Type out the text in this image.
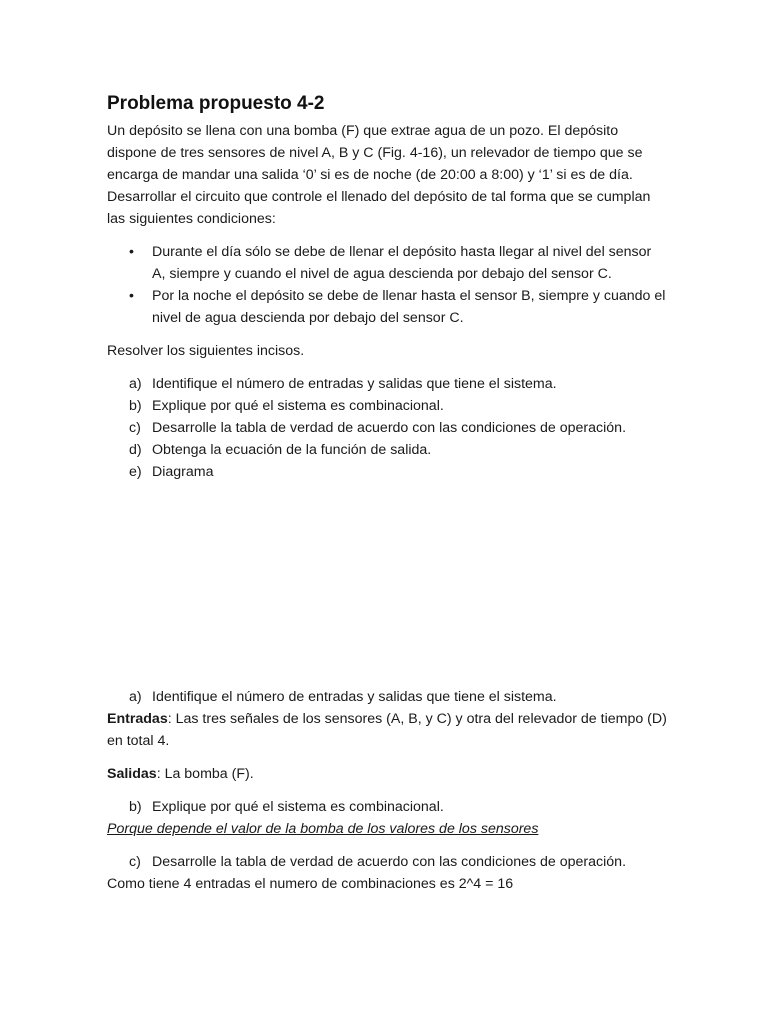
Problema propuesto 4-2

Un depósito se llena con una bomba (F) que extrae agua de un pozo. El depósito dispone de tres sensores de nivel A, B y C (Fig. 4-16), un relevador de tiempo que se encarga de mandar una salida ‘0’ si es de noche (de 20:00 a 8:00) y ‘1’ si es de día. Desarrollar el circuito que controle el llenado del depósito de tal forma que se cumplan las siguientes condiciones:

• Durante el día sólo se debe de llenar el depósito hasta llegar al nivel del sensor A, siempre y cuando el nivel de agua descienda por debajo del sensor C.
• Por la noche el depósito se debe de llenar hasta el sensor B, siempre y cuando el nivel de agua descienda por debajo del sensor C.

Resolver los siguientes incisos.

a) Identifique el número de entradas y salidas que tiene el sistema.
b) Explique por qué el sistema es combinacional.
c) Desarrolle la tabla de verdad de acuerdo con las condiciones de operación.
d) Obtenga la ecuación de la función de salida.
e) Diagrama
a) Identifique el número de entradas y salidas que tiene el sistema.

Entradas: Las tres señales de los sensores (A, B, y C) y otra del relevador de tiempo (D) en total 4.

Salidas: La bomba (F).

b) Explique por qué el sistema es combinacional.

Porque depende el valor de la bomba de los valores de los sensores

c) Desarrolle la tabla de verdad de acuerdo con las condiciones de operación.

Como tiene 4 entradas el numero de combinaciones es 2^4 = 16
